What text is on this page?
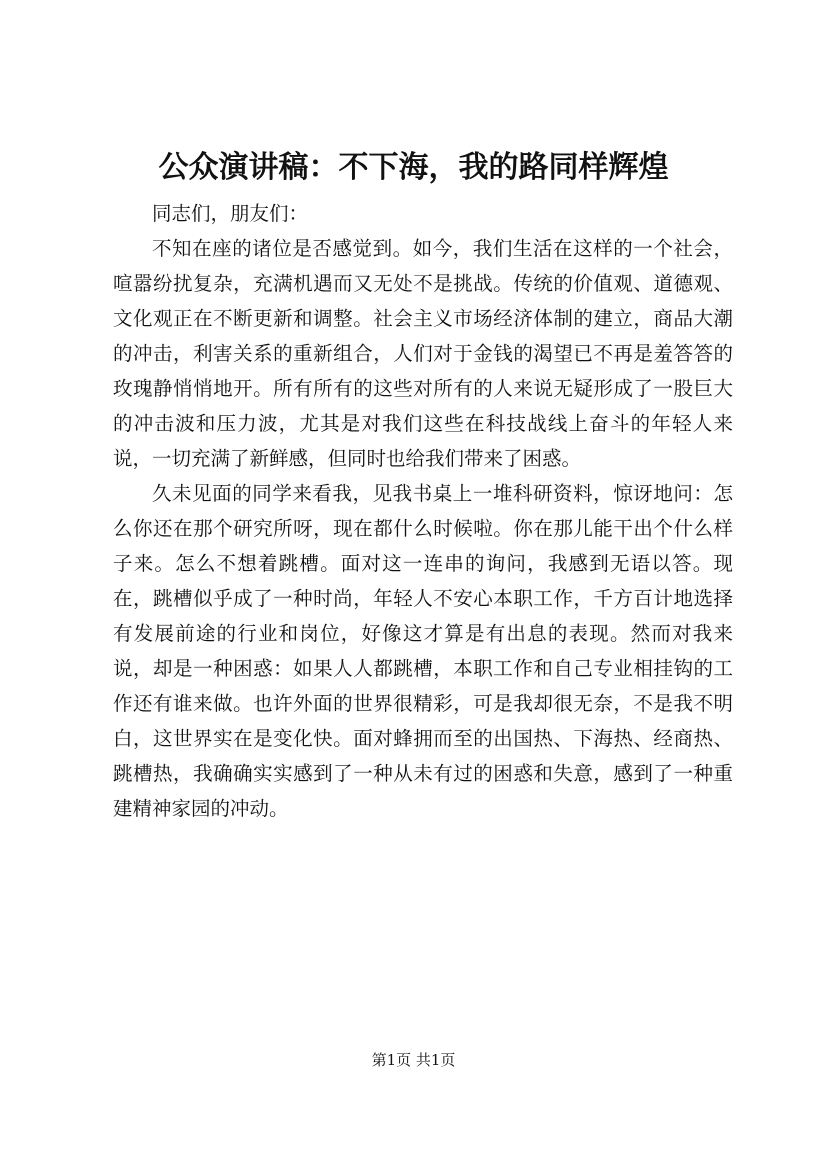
公众演讲稿：不下海，我的路同样辉煌

同志们，朋友们：

不知在座的诸位是否感觉到。如今，我们生活在这样的一个社会，喧嚣纷扰复杂，充满机遇而又无处不是挑战。传统的价值观、道德观、文化观正在不断更新和调整。社会主义市场经济体制的建立，商品大潮的冲击，利害关系的重新组合，人们对于金钱的渴望已不再是羞答答的玫瑰静悄悄地开。所有所有的这些对所有的人来说无疑形成了一股巨大的冲击波和压力波，尤其是对我们这些在科技战线上奋斗的年轻人来说，一切充满了新鲜感，但同时也给我们带来了困惑。

久未见面的同学来看我，见我书桌上一堆科研资料，惊讶地问：怎么你还在那个研究所呀，现在都什么时候啦。你在那儿能干出个什么样子来。怎么不想着跳槽。面对这一连串的询问，我感到无语以答。现在，跳槽似乎成了一种时尚，年轻人不安心本职工作，千方百计地选择有发展前途的行业和岗位，好像这才算是有出息的表现。然而对我来说，却是一种困惑：如果人人都跳槽，本职工作和自己专业相挂钩的工作还有谁来做。也许外面的世界很精彩，可是我却很无奈，不是我不明白，这世界实在是变化快。面对蜂拥而至的出国热、下海热、经商热、跳槽热，我确确实实感到了一种从未有过的困惑和失意，感到了一种重建精神家园的冲动。

第1页 共1页
